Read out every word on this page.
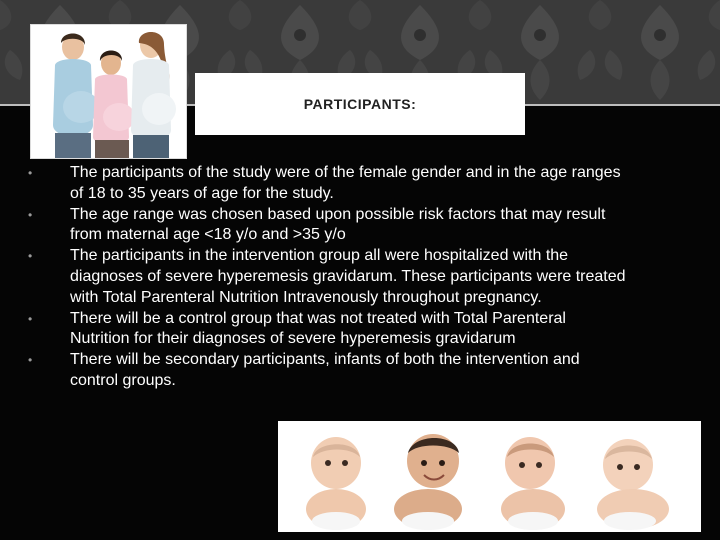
PARTICIPANTS:
• The participants of the study were of the female gender and in the age ranges of 18 to 35 years of age for the study.
• The age range was chosen based upon possible risk factors that may result from maternal age <18 y/o and >35 y/o
• The participants in the intervention group all were hospitalized with the diagnoses of severe hyperemesis gravidarum. These participants were treated with Total Parenteral Nutrition Intravenously throughout pregnancy.
• There will be a control group that was not treated with Total Parenteral Nutrition for their diagnoses of severe hyperemesis gravidarum
• There will be secondary participants, infants of both the intervention and control groups.
